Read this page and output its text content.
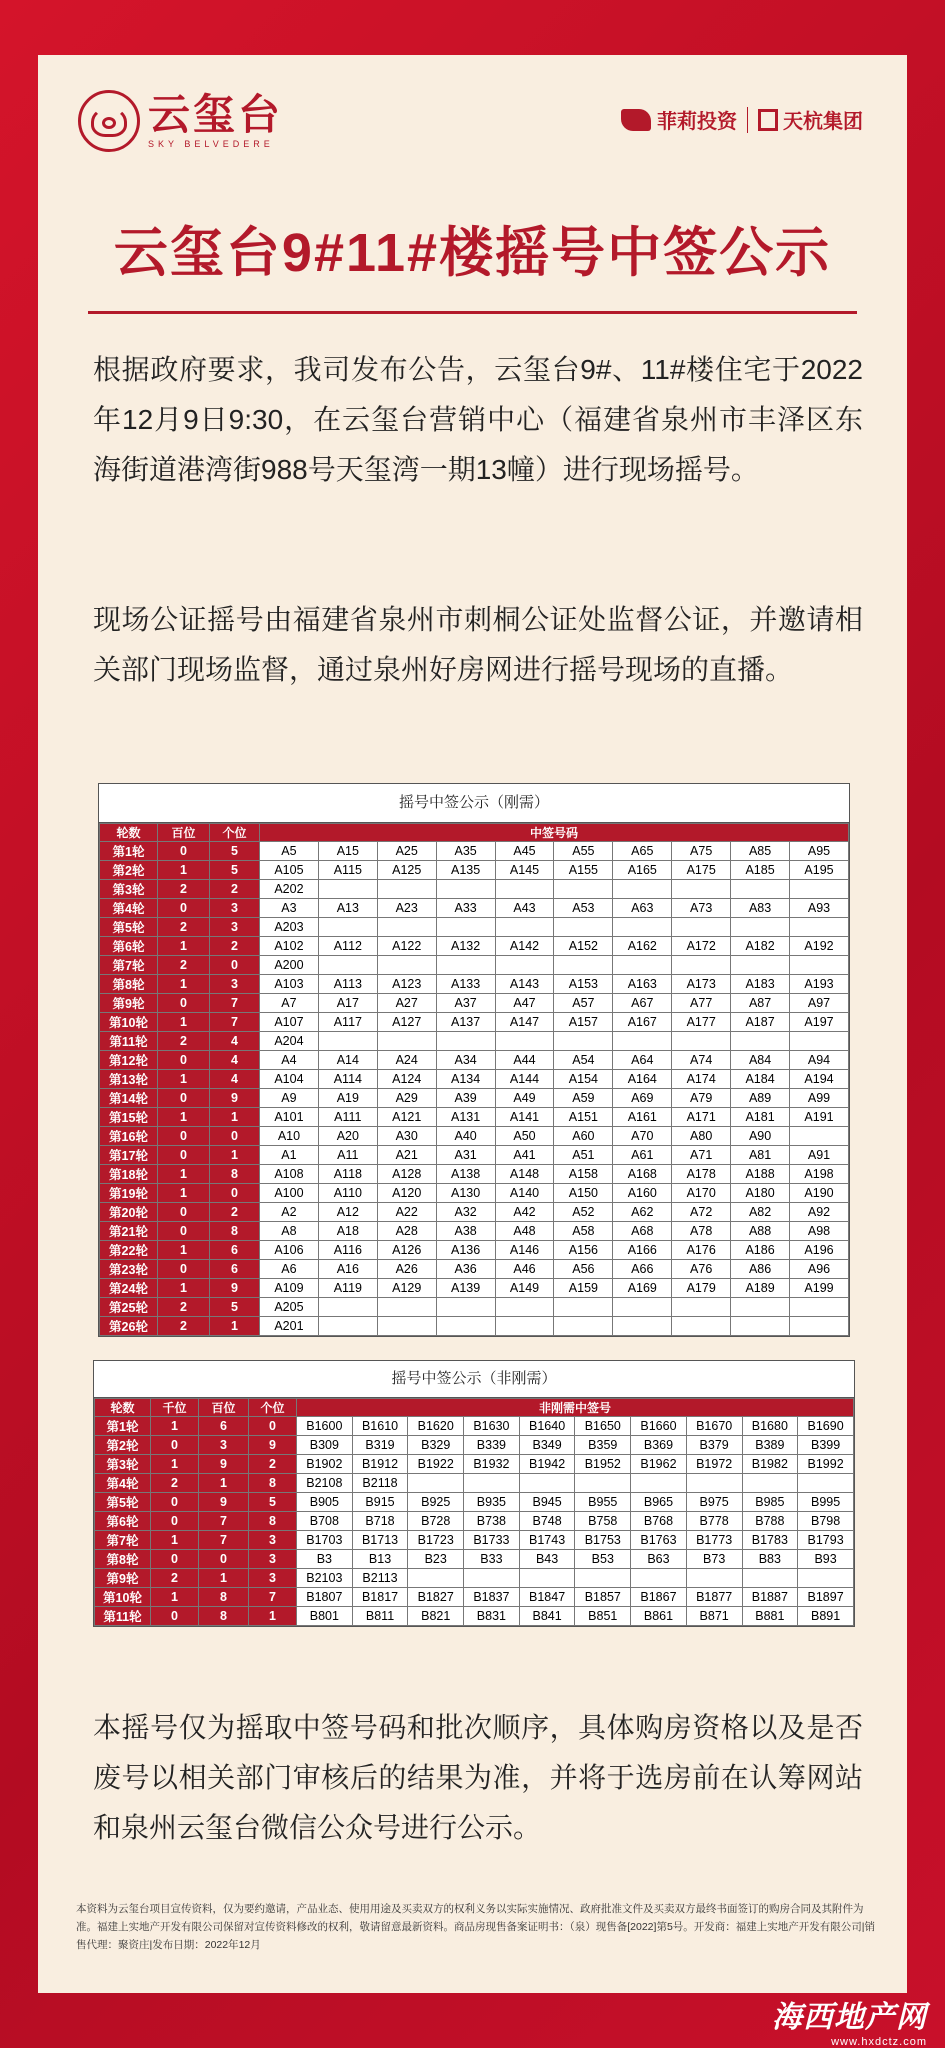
云玺台
SKY BELVEDERE
菲莉投资 天杭集团
云玺台9#11#楼摇号中签公示
根据政府要求，我司发布公告，云玺台9#、11#楼住宅于2022年12月9日9:30，在云玺台营销中心（福建省泉州市丰泽区东海街道港湾街988号天玺湾一期13幢）进行现场摇号。
现场公证摇号由福建省泉州市刺桐公证处监督公证，并邀请相关部门现场监督，通过泉州好房网进行摇号现场的直播。
摇号中签公示（刚需）
轮数	百位	个位	中签号码									
第1轮	0	5	A5	A15	A25	A35	A45	A55	A65	A75	A85	A95
第2轮	1	5	A105	A115	A125	A135	A145	A155	A165	A175	A185	A195
第3轮	2	2	A202									
第4轮	0	3	A3	A13	A23	A33	A43	A53	A63	A73	A83	A93
第5轮	2	3	A203									
第6轮	1	2	A102	A112	A122	A132	A142	A152	A162	A172	A182	A192
第7轮	2	0	A200									
第8轮	1	3	A103	A113	A123	A133	A143	A153	A163	A173	A183	A193
第9轮	0	7	A7	A17	A27	A37	A47	A57	A67	A77	A87	A97
第10轮	1	7	A107	A117	A127	A137	A147	A157	A167	A177	A187	A197
第11轮	2	4	A204									
第12轮	0	4	A4	A14	A24	A34	A44	A54	A64	A74	A84	A94
第13轮	1	4	A104	A114	A124	A134	A144	A154	A164	A174	A184	A194
第14轮	0	9	A9	A19	A29	A39	A49	A59	A69	A79	A89	A99
第15轮	1	1	A101	A111	A121	A131	A141	A151	A161	A171	A181	A191
第16轮	0	0	A10	A20	A30	A40	A50	A60	A70	A80	A90	
第17轮	0	1	A1	A11	A21	A31	A41	A51	A61	A71	A81	A91
第18轮	1	8	A108	A118	A128	A138	A148	A158	A168	A178	A188	A198
第19轮	1	0	A100	A110	A120	A130	A140	A150	A160	A170	A180	A190
第20轮	0	2	A2	A12	A22	A32	A42	A52	A62	A72	A82	A92
第21轮	0	8	A8	A18	A28	A38	A48	A58	A68	A78	A88	A98
第22轮	1	6	A106	A116	A126	A136	A146	A156	A166	A176	A186	A196
第23轮	0	6	A6	A16	A26	A36	A46	A56	A66	A76	A86	A96
第24轮	1	9	A109	A119	A129	A139	A149	A159	A169	A179	A189	A199
第25轮	2	5	A205									
第26轮	2	1	A201									
摇号中签公示（非刚需）
轮数	千位	百位	个位	非刚需中签号									
第1轮	1	6	0	B1600	B1610	B1620	B1630	B1640	B1650	B1660	B1670	B1680	B1690
第2轮	0	3	9	B309	B319	B329	B339	B349	B359	B369	B379	B389	B399
第3轮	1	9	2	B1902	B1912	B1922	B1932	B1942	B1952	B1962	B1972	B1982	B1992
第4轮	2	1	8	B2108	B2118								
第5轮	0	9	5	B905	B915	B925	B935	B945	B955	B965	B975	B985	B995
第6轮	0	7	8	B708	B718	B728	B738	B748	B758	B768	B778	B788	B798
第7轮	1	7	3	B1703	B1713	B1723	B1733	B1743	B1753	B1763	B1773	B1783	B1793
第8轮	0	0	3	B3	B13	B23	B33	B43	B53	B63	B73	B83	B93
第9轮	2	1	3	B2103	B2113								
第10轮	1	8	7	B1807	B1817	B1827	B1837	B1847	B1857	B1867	B1877	B1887	B1897
第11轮	0	8	1	B801	B811	B821	B831	B841	B851	B861	B871	B881	B891
本摇号仅为摇取中签号码和批次顺序，具体购房资格以及是否废号以相关部门审核后的结果为准，并将于选房前在认筹网站和泉州云玺台微信公众号进行公示。
本资料为云玺台项目宣传资料，仅为要约邀请，产品业态、使用用途及买卖双方的权利义务以实际实施情况、政府批准文件及买卖双方最终书面签订的购房合同及其附件为准。福建上实地产开发有限公司保留对宣传资料修改的权利，敬请留意最新资料。商品房现售备案证明书：（泉）现售备[2022]第5号。开发商：福建上实地产开发有限公司|销售代理：聚资庄|发布日期：2022年12月
海西地产网
www.hxdctz.com
